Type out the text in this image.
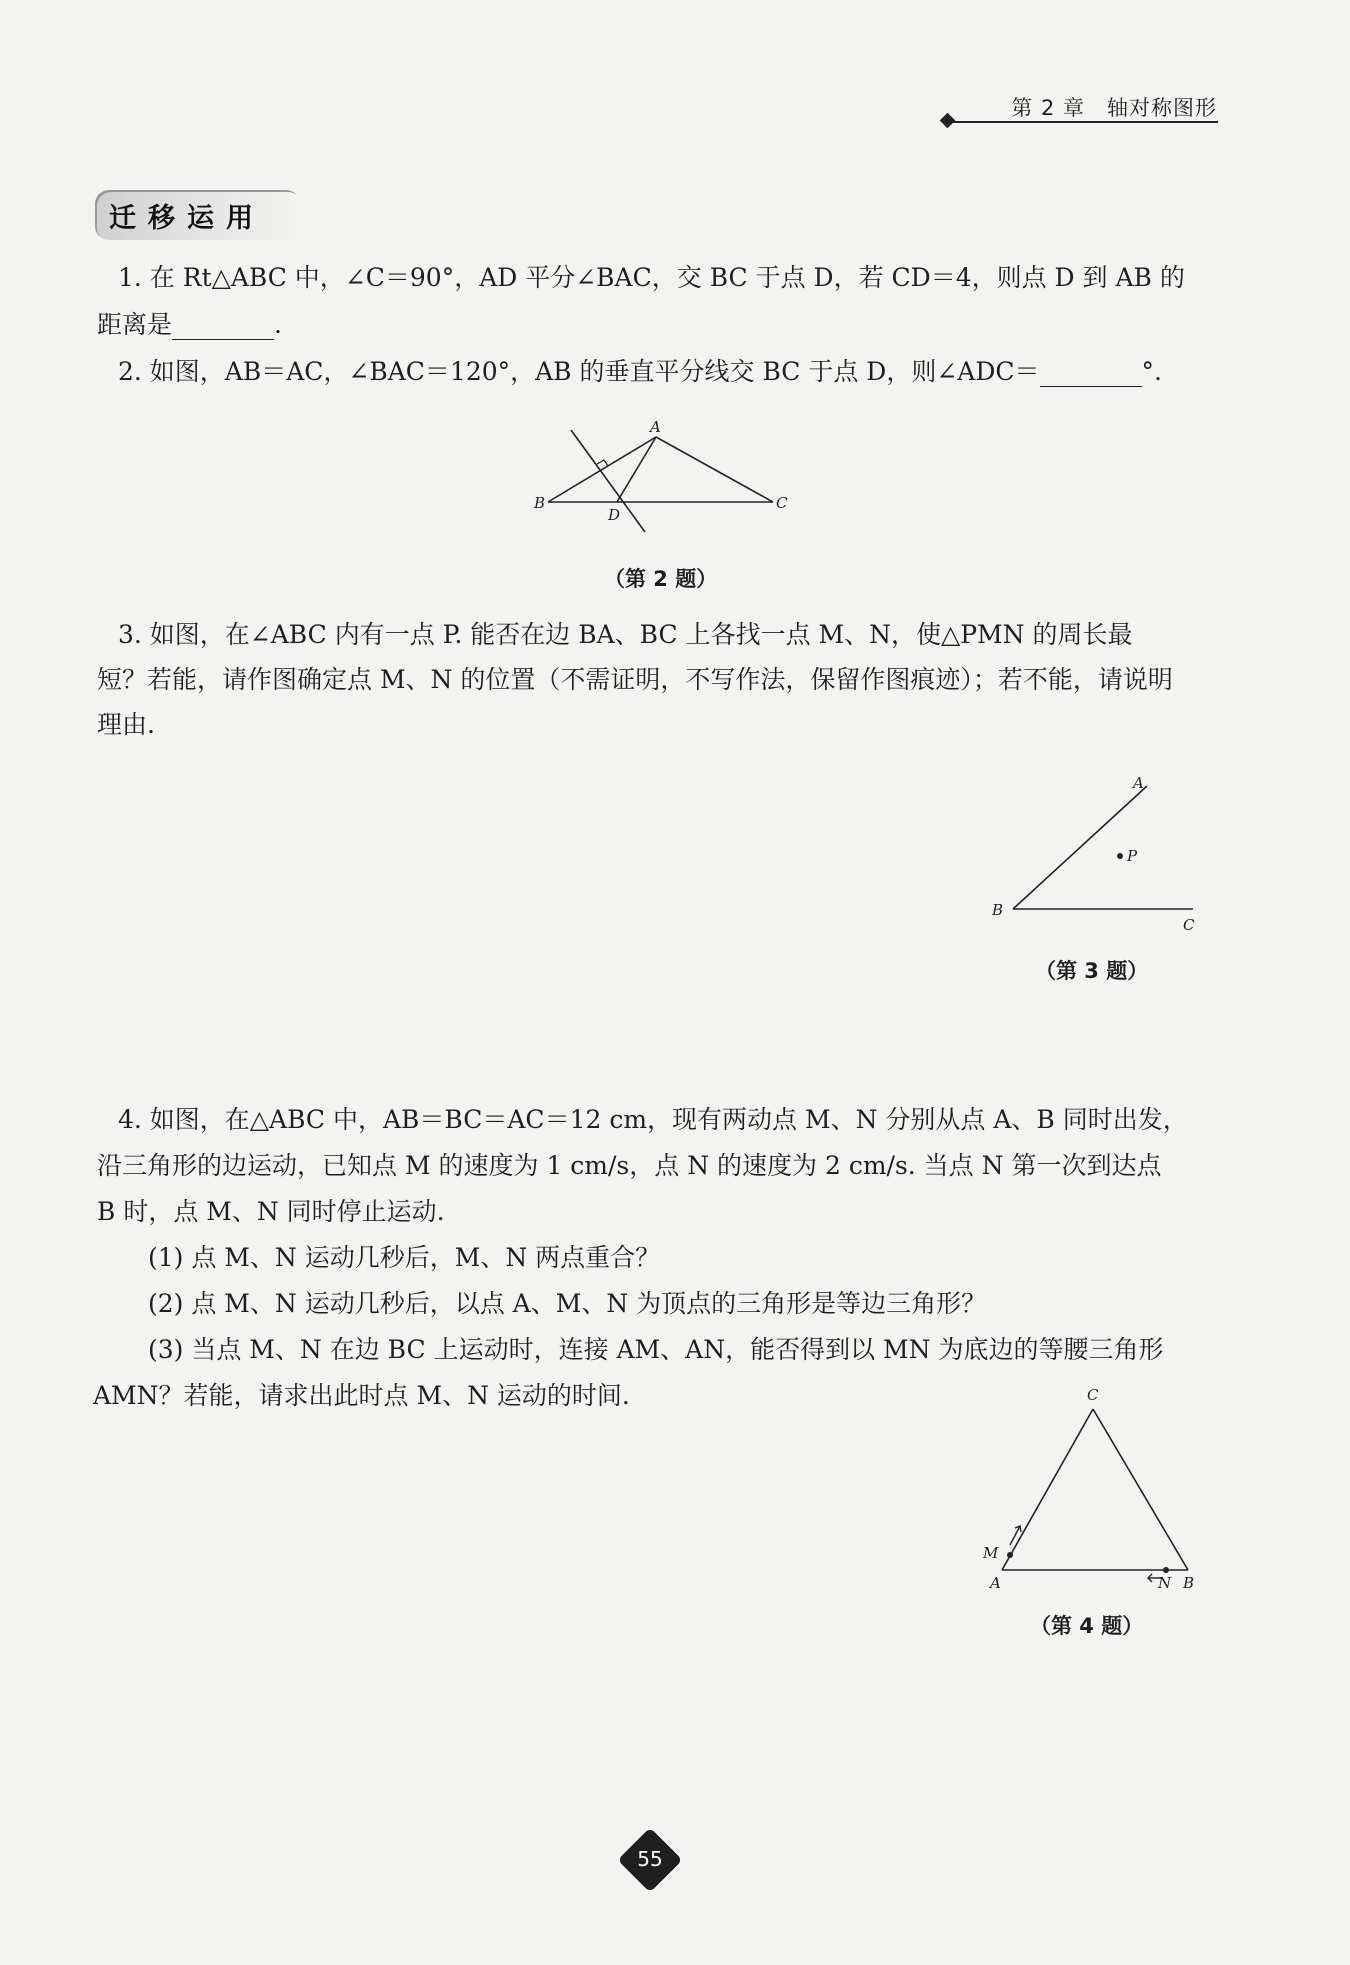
第 2 章　轴对称图形
迁移运用
1. 在 Rt△ABC 中，∠C＝90°，AD 平分∠BAC，交 BC 于点 D，若 CD＝4，则点 D 到 AB 的
距离是	.
2. 如图，AB＝AC，∠BAC＝120°，AB 的垂直平分线交 BC 于点 D，则∠ADC＝	°.
A
B	C
D
（第 2 题）
3. 如图，在∠ABC 内有一点 P. 能否在边 BA、BC 上各找一点 M、N，使△PMN 的周长最
短？若能，请作图确定点 M、N 的位置（不需证明，不写作法，保留作图痕迹）；若不能，请说明
理由.
A
P
B
C
（第 3 题）
4. 如图，在△ABC 中，AB＝BC＝AC＝12 cm，现有两动点 M、N 分别从点 A、B 同时出发，
沿三角形的边运动，已知点 M 的速度为 1 cm/s，点 N 的速度为 2 cm/s. 当点 N 第一次到达点
B 时，点 M、N 同时停止运动.
(1) 点 M、N 运动几秒后，M、N 两点重合？
(2) 点 M、N 运动几秒后，以点 A、M、N 为顶点的三角形是等边三角形？
(3) 当点 M、N 在边 BC 上运动时，连接 AM、AN，能否得到以 MN 为底边的等腰三角形
AMN？若能，请求出此时点 M、N 运动的时间.	C
M
A	N B
（第 4 题）
55
